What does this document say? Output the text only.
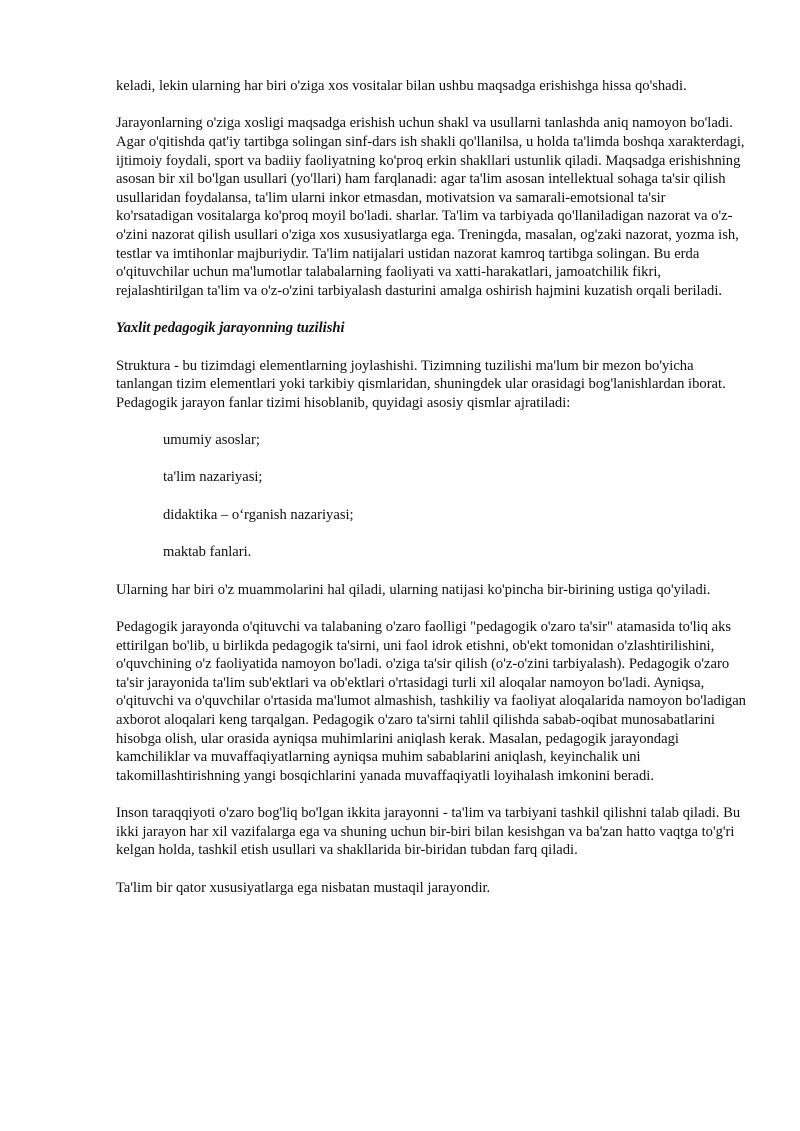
keladi, lekin ularning har biri o'ziga xos vositalar bilan ushbu maqsadga erishishga hissa qo'shadi.

Jarayonlarning o'ziga xosligi maqsadga erishish uchun shakl va usullarni tanlashda aniq namoyon bo'ladi. Agar o'qitishda qat'iy tartibga solingan sinf-dars ish shakli qo'llanilsa, u holda ta'limda boshqa xarakterdagi, ijtimoiy foydali, sport va badiiy faoliyatning ko'proq erkin shakllari ustunlik qiladi. Maqsadga erishishning asosan bir xil bo'lgan usullari (yo'llari) ham farqlanadi: agar ta'lim asosan intellektual sohaga ta'sir qilish usullaridan foydalansa, ta'lim ularni inkor etmasdan, motivatsion va samarali-emotsional ta'sir ko'rsatadigan vositalarga ko'proq moyil bo'ladi. sharlar. Ta'lim va tarbiyada qo'llaniladigan nazorat va o'z-o'zini nazorat qilish usullari o'ziga xos xususiyatlarga ega. Treningda, masalan, og'zaki nazorat, yozma ish, testlar va imtihonlar majburiydir. Ta'lim natijalari ustidan nazorat kamroq tartibga solingan. Bu erda o'qituvchilar uchun ma'lumotlar talabalarning faoliyati va xatti-harakatlari, jamoatchilik fikri, rejalashtirilgan ta'lim va o'z-o'zini tarbiyalash dasturini amalga oshirish hajmini kuzatish orqali beriladi.

Yaxlit pedagogik jarayonning tuzilishi

Struktura - bu tizimdagi elementlarning joylashishi. Tizimning tuzilishi ma'lum bir mezon bo'yicha tanlangan tizim elementlari yoki tarkibiy qismlaridan, shuningdek ular orasidagi bog'lanishlardan iborat. Pedagogik jarayon fanlar tizimi hisoblanib, quyidagi asosiy qismlar ajratiladi:

umumiy asoslar;

ta'lim nazariyasi;

didaktika – oʻrganish nazariyasi;

maktab fanlari.

Ularning har biri o'z muammolarini hal qiladi, ularning natijasi ko'pincha bir-birining ustiga qo'yiladi.

Pedagogik jarayonda o'qituvchi va talabaning o'zaro faolligi "pedagogik o'zaro ta'sir" atamasida to'liq aks ettirilgan bo'lib, u birlikda pedagogik ta'sirni, uni faol idrok etishni, ob'ekt tomonidan o'zlashtirilishini, o'quvchining o'z faoliyatida namoyon bo'ladi. o'ziga ta'sir qilish (o'z-o'zini tarbiyalash). Pedagogik o'zaro ta'sir jarayonida ta'lim sub'ektlari va ob'ektlari o'rtasidagi turli xil aloqalar namoyon bo'ladi. Ayniqsa, o'qituvchi va o'quvchilar o'rtasida ma'lumot almashish, tashkiliy va faoliyat aloqalarida namoyon bo'ladigan axborot aloqalari keng tarqalgan. Pedagogik o'zaro ta'sirni tahlil qilishda sabab-oqibat munosabatlarini hisobga olish, ular orasida ayniqsa muhimlarini aniqlash kerak. Masalan, pedagogik jarayondagi kamchiliklar va muvaffaqiyatlarning ayniqsa muhim sabablarini aniqlash, keyinchalik uni takomillashtirishning yangi bosqichlarini yanada muvaffaqiyatli loyihalash imkonini beradi.

Inson taraqqiyoti o'zaro bog'liq bo'lgan ikkita jarayonni - ta'lim va tarbiyani tashkil qilishni talab qiladi. Bu ikki jarayon har xil vazifalarga ega va shuning uchun bir-biri bilan kesishgan va ba'zan hatto vaqtga to'g'ri kelgan holda, tashkil etish usullari va shakllarida bir-biridan tubdan farq qiladi.

Ta'lim bir qator xususiyatlarga ega nisbatan mustaqil jarayondir.
